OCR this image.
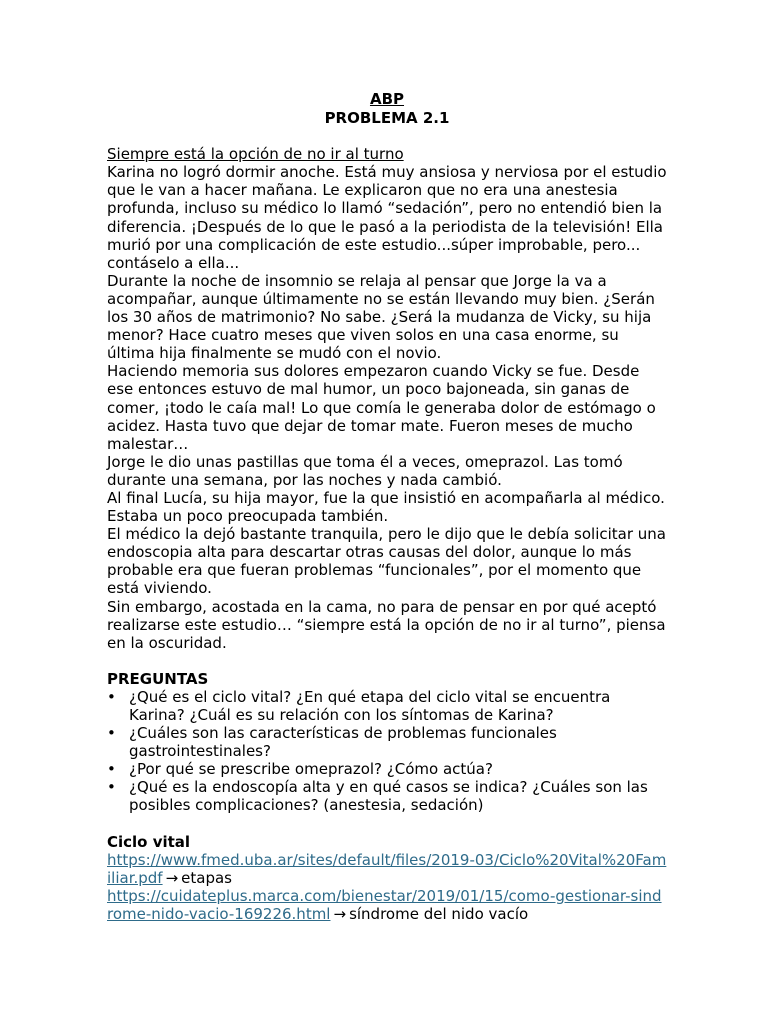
ABP
PROBLEMA 2.1
Siempre está la opción de no ir al turno

Karina no logró dormir anoche. Está muy ansiosa y nerviosa por el estudio que le van a hacer mañana. Le explicaron que no era una anestesia profunda, incluso su médico lo llamó “sedación”, pero no entendió bien la diferencia. ¡Después de lo que le pasó a la periodista de la televisión! Ella murió por una complicación de este estudio...súper improbable, pero... contáselo a ella...

Durante la noche de insomnio se relaja al pensar que Jorge la va a acompañar, aunque últimamente no se están llevando muy bien. ¿Serán los 30 años de matrimonio? No sabe. ¿Será la mudanza de Vicky, su hija menor? Hace cuatro meses que viven solos en una casa enorme, su última hija finalmente se mudó con el novio.

Haciendo memoria sus dolores empezaron cuando Vicky se fue. Desde ese entonces estuvo de mal humor, un poco bajoneada, sin ganas de comer, ¡todo le caía mal! Lo que comía le generaba dolor de estómago o acidez. Hasta tuvo que dejar de tomar mate. Fueron meses de mucho malestar…

Jorge le dio unas pastillas que toma él a veces, omeprazol. Las tomó durante una semana, por las noches y nada cambió.

Al final Lucía, su hija mayor, fue la que insistió en acompañarla al médico. Estaba un poco preocupada también.

El médico la dejó bastante tranquila, pero le dijo que le debía solicitar una endoscopia alta para descartar otras causas del dolor, aunque lo más probable era que fueran problemas “funcionales”, por el momento que está viviendo.

Sin embargo, acostada en la cama, no para de pensar en por qué aceptó realizarse este estudio… “siempre está la opción de no ir al turno”, piensa en la oscuridad.

PREGUNTAS
• ¿Qué es el ciclo vital? ¿En qué etapa del ciclo vital se encuentra Karina? ¿Cuál es su relación con los síntomas de Karina?
• ¿Cuáles son las características de problemas funcionales gastrointestinales?
• ¿Por qué se prescribe omeprazol? ¿Cómo actúa?
• ¿Qué es la endoscopía alta y en qué casos se indica? ¿Cuáles son las posibles complicaciones? (anestesia, sedación)
Ciclo vital
https://www.fmed.uba.ar/sites/default/files/2019-03/Ciclo%20Vital%20Familiar.pdf → etapas
https://cuidateplus.marca.com/bienestar/2019/01/15/como-gestionar-sindrome-nido-vacio-169226.html → síndrome del nido vacío
